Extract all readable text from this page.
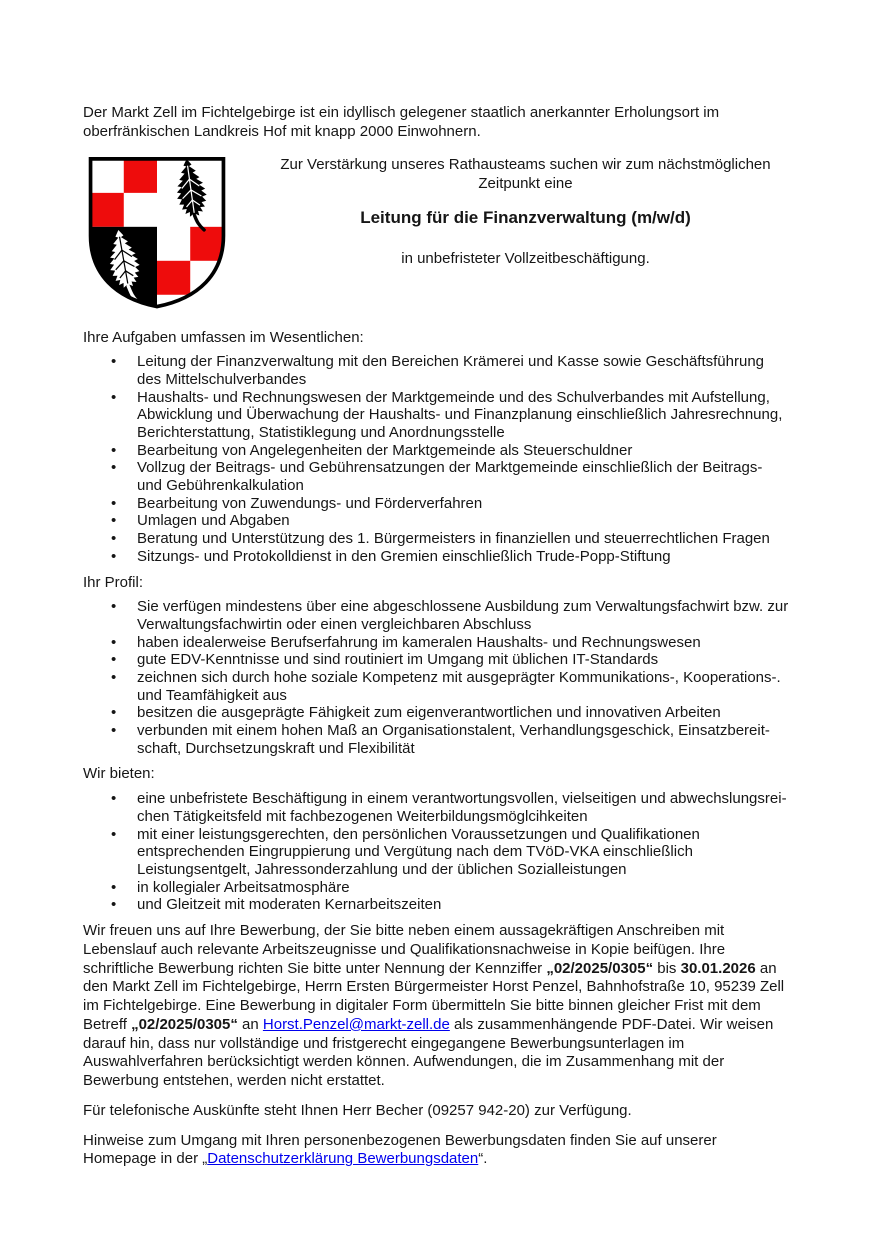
Der Markt Zell im Fichtelgebirge ist ein idyllisch gelegener staatlich anerkannter Erholungsort im oberfränkischen Landkreis Hof mit knapp 2000 Einwohnern.

Zur Verstärkung unseres Rathausteams suchen wir zum nächstmöglichen Zeitpunkt eine

Leitung für die Finanzverwaltung (m/w/d)

in unbefristeter Vollzeitbeschäftigung.

Ihre Aufgaben umfassen im Wesentlichen:

• Leitung der Finanzverwaltung mit den Bereichen Krämerei und Kasse sowie Geschäftsführung des Mittelschulverbandes
• Haushalts- und Rechnungswesen der Marktgemeinde und des Schulverbandes mit Aufstellung, Abwicklung und Überwachung der Haushalts- und Finanzplanung einschließlich Jahresrechnung, Berichterstattung, Statistiklegung und Anordnungsstelle
• Bearbeitung von Angelegenheiten der Marktgemeinde als Steuerschuldner
• Vollzug der Beitrags- und Gebührensatzungen der Marktgemeinde einschließlich der Beitrags- und Gebührenkalkulation
• Bearbeitung von Zuwendungs- und Förderverfahren
• Umlagen und Abgaben
• Beratung und Unterstützung des 1. Bürgermeisters in finanziellen und steuerrechtlichen Fragen
• Sitzungs- und Protokolldienst in den Gremien einschließlich Trude-Popp-Stiftung

Ihr Profil:

• Sie verfügen mindestens über eine abgeschlossene Ausbildung zum Verwaltungsfachwirt bzw. zur Verwaltungsfachwirtin oder einen vergleichbaren Abschluss
• haben idealerweise Berufserfahrung im kameralen Haushalts- und Rechnungswesen
• gute EDV-Kenntnisse und sind routiniert im Umgang mit üblichen IT-Standards
• zeichnen sich durch hohe soziale Kompetenz mit ausgeprägter Kommunikations-, Kooperations-. und Teamfähigkeit aus
• besitzen die ausgeprägte Fähigkeit zum eigenverantwortlichen und innovativen Arbeiten
• verbunden mit einem hohen Maß an Organisationstalent, Verhandlungsgeschick, Einsatzbereitschaft, Durchsetzungskraft und Flexibilität

Wir bieten:

• eine unbefristete Beschäftigung in einem verantwortungsvollen, vielseitigen und abwechslungsreichen Tätigkeitsfeld mit fachbezogenen Weiterbildungsmöglcihkeiten
• mit einer leistungsgerechten, den persönlichen Voraussetzungen und Qualifikationen entsprechenden Eingruppierung und Vergütung nach dem TVöD-VKA einschließlich Leistungsentgelt, Jahressonderzahlung und der üblichen Sozialleistungen
• in kollegialer Arbeitsatmosphäre
• und Gleitzeit mit moderaten Kernarbeitszeiten

Wir freuen uns auf Ihre Bewerbung, der Sie bitte neben einem aussagekräftigen Anschreiben mit Lebenslauf auch relevante Arbeitszeugnisse und Qualifikationsnachweise in Kopie beifügen. Ihre schriftliche Bewerbung richten Sie bitte unter Nennung der Kennziffer „02/2025/0305“ bis 30.01.2026 an den Markt Zell im Fichtelgebirge, Herrn Ersten Bürgermeister Horst Penzel, Bahnhofstraße 10, 95239 Zell im Fichtelgebirge. Eine Bewerbung in digitaler Form übermitteln Sie bitte binnen gleicher Frist mit dem Betreff „02/2025/0305“ an Horst.Penzel@markt-zell.de als zusammenhängende PDF-Datei. Wir weisen darauf hin, dass nur vollständige und fristgerecht eingegangene Bewerbungsunterlagen im Auswahlverfahren berücksichtigt werden können. Aufwendungen, die im Zusammenhang mit der Bewerbung entstehen, werden nicht erstattet.

Für telefonische Auskünfte steht Ihnen Herr Becher (09257 942-20) zur Verfügung.

Hinweise zum Umgang mit Ihren personenbezogenen Bewerbungsdaten finden Sie auf unserer Homepage in der „Datenschutzerklärung Bewerbungsdaten“.
